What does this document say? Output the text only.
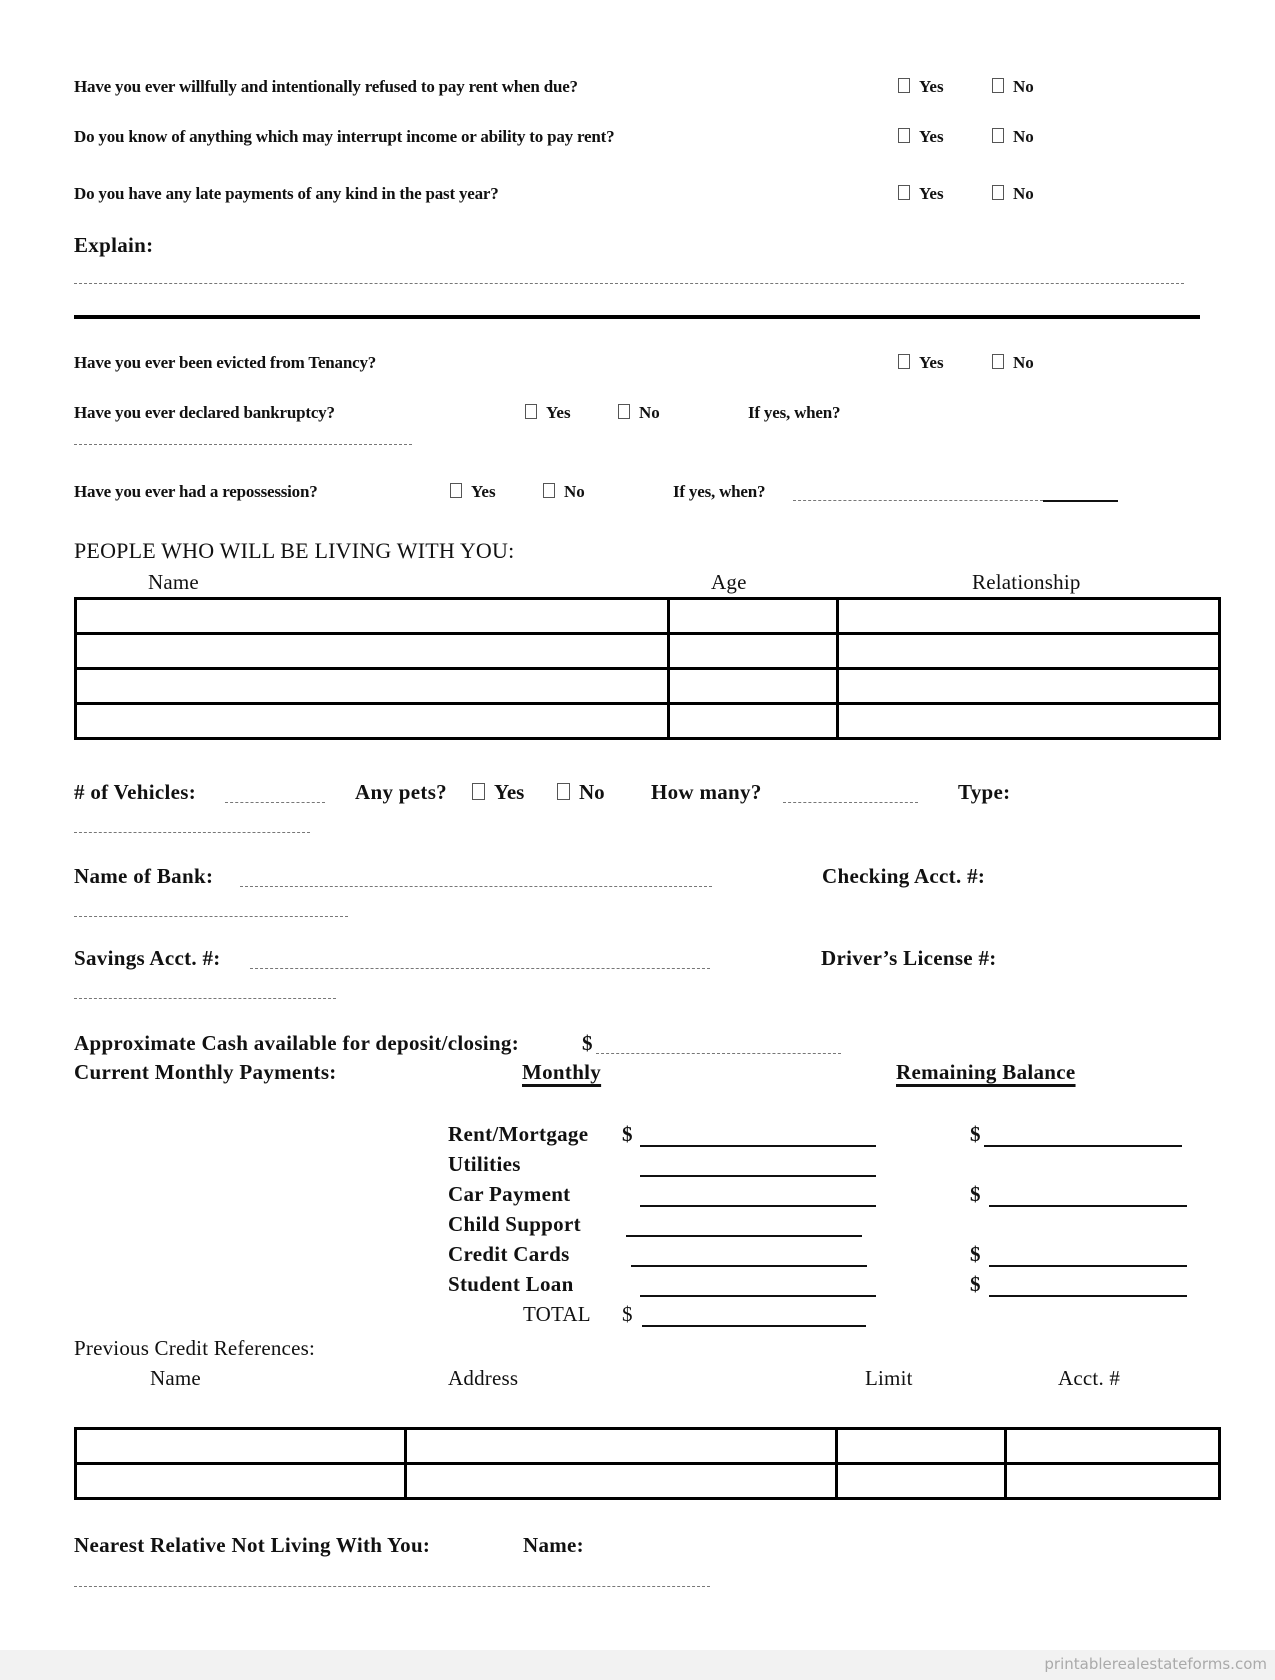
Have you ever willfully and intentionally refused to pay rent when due?	Yes	No
Do you know of anything which may interrupt income or ability to pay rent?	Yes	No
Do you have any late payments of any kind in the past year?	Yes	No
Explain:
Have you ever been evicted from Tenancy?	Yes	No
Have you ever declared bankruptcy?	Yes	No	If yes, when?
Have you ever had a repossession?	Yes	No	If yes, when?
PEOPLE WHO WILL BE LIVING WITH YOU:
Name	Age	Relationship

# of Vehicles:	Any pets?	Yes	No How many?	Type:
Name of Bank:	Checking Acct. #:
Savings Acct. #:	Driver’s License #:
Approximate Cash available for deposit/closing:	$
Current Monthly Payments:	Monthly	Remaining Balance
Rent/Mortgage $	$
Utilities
Car Payment	$
Child Support
Credit Cards	$
Student Loan	$
TOTAL $
Previous Credit References:
Name	Address	Limit	Acct. #

Nearest Relative Not Living With You:	Name:
printablerealestateforms.com
